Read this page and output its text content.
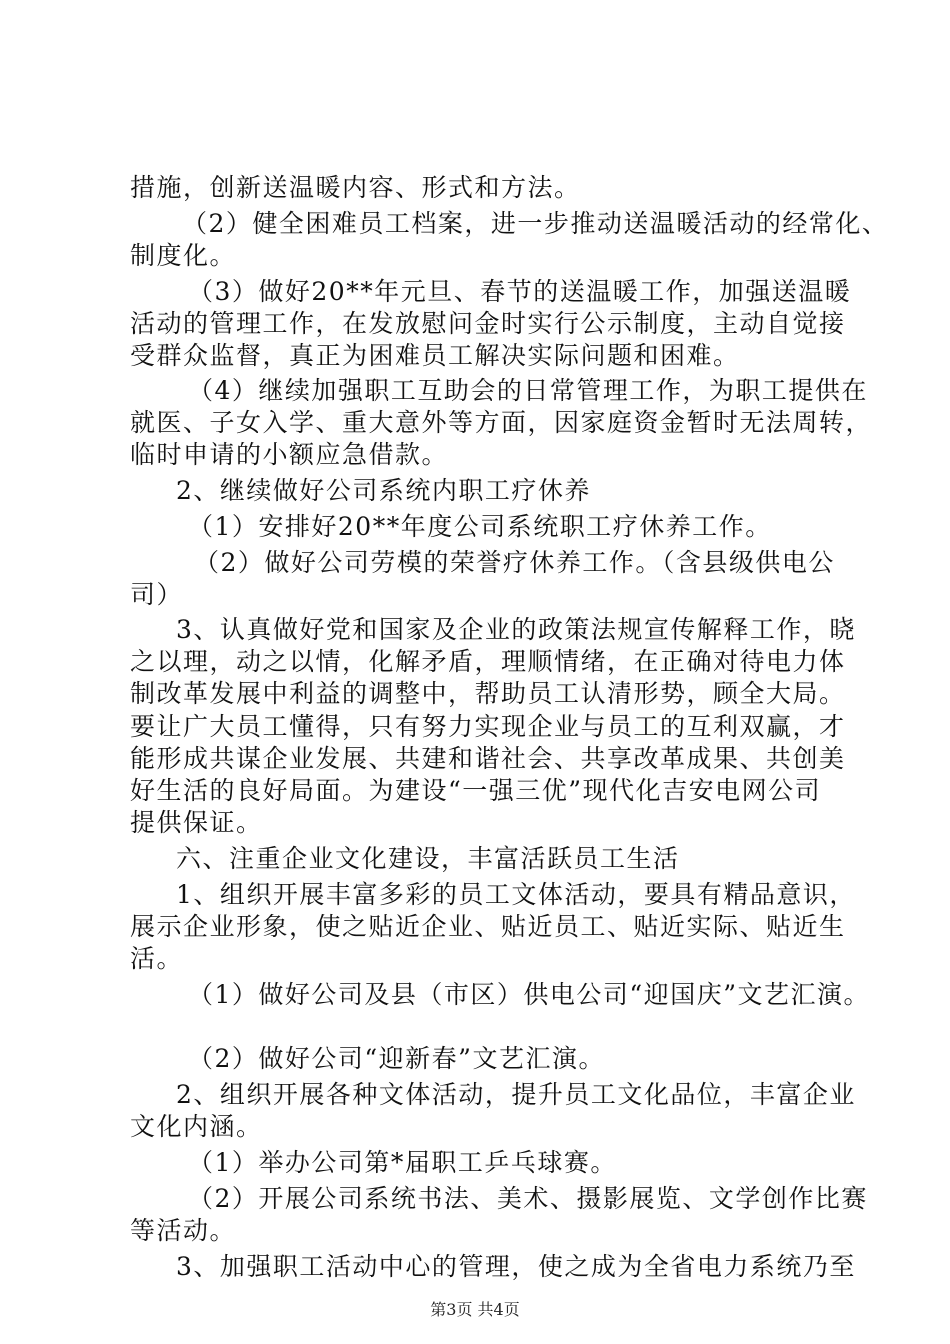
措施，创新送温暖内容、形式和方法。
（2）健全困难员工档案，进一步推动送温暖活动的经常化、
制度化。
（3）做好20**年元旦、春节的送温暖工作，加强送温暖
活动的管理工作，在发放慰问金时实行公示制度，主动自觉接
受群众监督，真正为困难员工解决实际问题和困难。
（4）继续加强职工互助会的日常管理工作，为职工提供在
就医、子女入学、重大意外等方面，因家庭资金暂时无法周转，
临时申请的小额应急借款。
2、继续做好公司系统内职工疗休养
（1）安排好20**年度公司系统职工疗休养工作。
（2）做好公司劳模的荣誉疗休养工作。（含县级供电公
司）
3、认真做好党和国家及企业的政策法规宣传解释工作，晓
之以理，动之以情，化解矛盾，理顺情绪，在正确对待电力体
制改革发展中利益的调整中，帮助员工认清形势，顾全大局。
要让广大员工懂得，只有努力实现企业与员工的互利双赢，才
能形成共谋企业发展、共建和谐社会、共享改革成果、共创美
好生活的良好局面。为建设“一强三优”现代化吉安电网公司
提供保证。
六、注重企业文化建设，丰富活跃员工生活
1、组织开展丰富多彩的员工文体活动，要具有精品意识，
展示企业形象，使之贴近企业、贴近员工、贴近实际、贴近生
活。
（1）做好公司及县（市区）供电公司“迎国庆”文艺汇演。
（2）做好公司“迎新春”文艺汇演。
2、组织开展各种文体活动，提升员工文化品位，丰富企业
文化内涵。
（1）举办公司第*届职工乒乓球赛。
（2）开展公司系统书法、美术、摄影展览、文学创作比赛
等活动。
3、加强职工活动中心的管理，使之成为全省电力系统乃至
第3页 共4页
